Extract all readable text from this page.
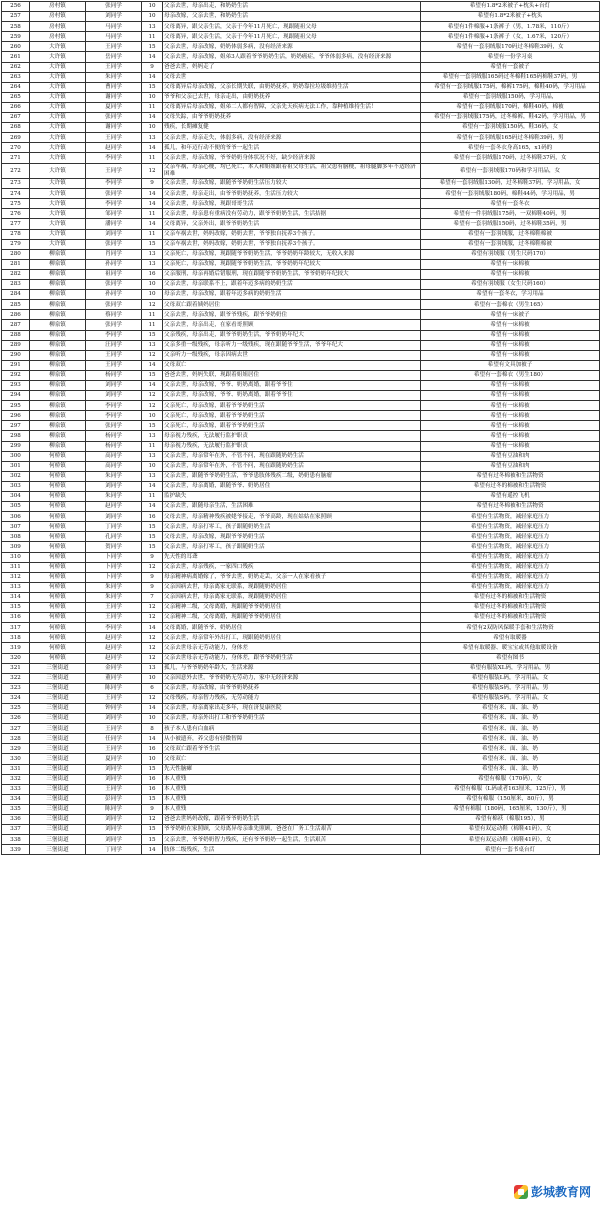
256	房村镇	张同学	10	父亲去世，母亲出走，和奶奶生活	希望有1.8*2米被子+枕头+台灯
257	房村镇	刘同学	10	母亲改嫁，父亲去世，和奶奶生活	希望有1.8*2米被子+枕头
258	房村镇	马同学	13	父母离异，跟父亲生活，父亲于今年11月死亡，现跟随祖父母	希望有1件棉服+1条裤子（男，1.78米，110斤）
259	房村镇	马同学	11	父母离异，跟父亲生活，父亲于今年11月死亡，现跟随祖父母	希望有1件棉服+1条裤子（女，1.67米，120斤）
260	大许镇	王同学	15	父亲去世，母亲改嫁，奶奶体弱多病，没有经济来源	希望有一套羽绒服170码过冬棉鞋39码，女
261	大许镇	岳同学	14	父亲去世，母亲改嫁，姐弟3人跟着爷爷奶奶生活，奶奶癌症，爷爷体弱多病，没有经济来源	希望有一份学习桌
262	大许镇	王同学	9	爸爸去世，妈妈走了	希望有一套被子
263	大许镇	朱同学	14	父母去世	希望有一套羽绒服165码过冬棉鞋165码棉鞋37码，男
264	大许镇	曹同学	15	父母离异后母亲改嫁，父亲长期失联，由奶奶抚养，奶奶靠拉垃圾维持生活	希望有一套羽绒服175码，棉裤175码，棉鞋40码，学习用品
265	大许镇	谢同学	10	爷爷和父亲已去世，母亲走出，由奶奶抚养	希望有一套羽绒服150码，学习用品，
266	大许镇	夏同学	11	父母离异后母亲改嫁，姐弟二人都有智障，父亲先天疾病无法工作，靠种植维持生活！	希望有一套羽绒服170码，棉鞋40码，棉被
267	大许镇	张同学	14	父母失踪，由爷爷奶奶抚养	希望有一套羽绒服175码，过冬棉裤，鞋42码，学习用品，男
268	大许镇	谢同学	10	残疾，长期瘫复健	希望有一套羽绒服150码，鞋36码，女
269	大许镇	王同学	13	父亲去世，母亲走失，体弱多病，没有经济来源	希望有一套羽绒服165码过冬棉鞋39码，男
270	大许镇	赵同学	14	孤儿，和年迈行动不便的爷爷一起生活	希望有一套冬衣身高165，x1码的
271	大许镇	李同学	11	父亲去世，母亲改嫁，爷爷奶奶身体状况不好，缺少经济来源	希望有一套羽绒服170码，过冬棉鞋37码，女
272	大许镇	王同学	12	父亲车祸，母亲心梗，均已死亡，本人和姐姐跟着祖父母生活，祖父患有脑梗，祖母腿脚多年不适经济困难	希望有一套羽绒服170码和学习用品，女
273	大许镇	李同学	9	父亲去世，母亲改嫁，跟随爷爷奶奶生活压力较大	希望有一套羽绒服130码，过冬棉鞋37码，学习用品，女
274	大许镇	张同学	14	父亲去世，母亲走出，由爷爷奶奶抚养，生活压力较大	希望有一套羽绒服180码，棉鞋44码，学习用品，男
275	大许镇	李同学	14	父亲去世，母亲改嫁，现跟哥哥生活	希望有一套冬衣
276	大许镇	邹同学	11	父亲去世，母亲患有重病没有劳动力，跟爷爷奶奶生活，生活拮据	希望有一件羽绒服175码，一双棉鞋40码，男
277	大许镇	潘同学	14	父母离异，父亲外出，跟爷爷奶奶生活	希望有一套羽绒服150码，过冬棉鞋35码，男
278	大许镇	刘同学	11	父亲车祸去世，妈妈改嫁，奶奶去世，爷爷独自抚养3个孩子。	希望有一套羽绒服，过冬棉鞋棉被
279	大许镇	张同学	15	父亲车祸去世，妈妈改嫁，奶奶去世，爷爷独自抚养3个孩子。	希望有一套羽绒服，过冬棉鞋棉被
280	柳泉镇	肖同学	13	父亲死亡，母亲改嫁，现跟随爷爷奶奶生活，爷爷奶奶年龄较大，无收入来源	希望有羽绒服（男生尺码170）
281	柳泉镇	孙同学	13	父亲死亡，母亲改嫁，现跟随爷爷奶奶生活，爷爷奶奶年纪较大	希望有一床棉被
282	柳泉镇	祖同学	16	父亲服刑，母亲再婚后错服刑，现在跟随爷爷奶奶生活，爷爷奶奶年纪较大	希望有一床棉被
283	柳泉镇	张同学	10	父亲去世，母亲联系不上，跟着年迈多病的奶奶生活	希望有羽绒服（女生尺码160）
284	柳泉镇	孙同学	10	母亲去世，母亲改嫁，跟着年迈多病的奶奶生活	希望有一套冬衣，学习用品
285	柳泉镇	张同学	12	父母双亡跟着姨妈居住	希望有一套棉衣（男生165）
286	柳泉镇	蔡同学	11	父亲去世，母亲改嫁，跟爷爷残疾，跟爷爷奶奶住	希望有一床被子
287	柳泉镇	张同学	11	父亲去世，母亲出走，在家看哥照顾	希望有一床棉被
288	柳泉镇	李同学	15	父亲残疾，母亲出走，跟爷爷奶奶生活，爷爷奶奶年纪大	希望有一床棉被
289	柳泉镇	汪同学	13	父亲多重一级残疾，母亲听力一级残疾，现在跟随爷爷生活，爷爷年纪大	希望有一床棉被
290	柳泉镇	王同学	12	父亲听力一级残疾，母亲因病去世	希望有一床棉被
291	柳泉镇	王同学	14	父母双亡	希望有文具加被子
292	柳泉镇	杨同学	15	爸爸去世，妈妈失联，现跟着姐姐居住	希望有一套棉衣（男生180）
293	柳泉镇	刘同学	14	父亲去世，母亲改嫁，爷爷、奶奶离婚，跟着爷爷住	希望有一床棉被
294	柳泉镇	刘同学	12	父亲去世，母亲改嫁，爷爷、奶奶离婚，跟着爷爷住	希望有一床棉被
295	柳泉镇	李同学	12	父亲死亡，母亲改嫁，跟着爷爷奶奶生活	希望有一床棉被
296	柳泉镇	李同学	10	父亲死亡，母亲改嫁，跟着爷爷奶奶生活	希望有一床棉被
297	柳泉镇	张同学	15	父亲死亡，母亲改嫁，跟着爷爷奶奶生活	希望有一床棉被
298	柳泉镇	杨同学	13	母亲视力残疾，无法履行监护职责	希望有一床棉被
299	柳泉镇	杨同学	11	母亲视力残疾，无法履行监护职责	希望有一床棉被
300	何桥镇	高同学	13	父亲去世，母亲常年在外，不管不问，现在跟随奶奶生活	希望有豆油和肉
301	何桥镇	高同学	10	父亲去世，母亲常年在外，不管不问，现在跟随奶奶生活	希望有豆油和肉
302	何桥镇	朱同学	13	父亲去世，跟随爷爷奶奶生活，爷爷患肢体残疾二级，奶奶患有脑瘤	希望有过冬棉被和生活物资
303	何桥镇	刘同学	14	父亲去世，母亲离婚，跟随爷爷、奶奶居住	希望有过冬的棉被和生活物资
304	何桥镇	朱同学	11	监护缺失	希望有遥控飞机
305	何桥镇	赵同学	14	父亲去世，跟随母亲生活，生活困难	希望有过冬棉被和生活物资
306	何桥镇	刘同学	16	父母去世，母亲精神残疾被姥爷接走，爷爷高龄，现在姑姑在家照顾	希望有生活物资，减轻家庭压力
307	何桥镇	丁同学	15	父亲去世，母亲打零工，孩子跟随奶奶生活	希望有生活物资，减轻家庭压力
308	何桥镇	孔同学	15	父母去世，母亲改嫁，现跟爷爷奶奶生活	希望有生活物资，减轻家庭压力
309	何桥镇	贺同学	15	父亲去世，母亲打零工，孩子跟随奶生活	希望有生活物资，减轻家庭压力
310	何桥镇	卜同学	9	先天性的耳聋	希望有生活物资，减轻家庭压力
311	何桥镇	卜同学	12	父亲去世，母亲残疾，一家四口残疾	希望有生活物资，减轻家庭压力
312	何桥镇	卜同学	9	母亲精神病离婚嫁了，爷爷去世，奶奶走丢，父亲一人在家看孩子	希望有生活物资，减轻家庭压力
313	何桥镇	朱同学	9	父亲因病去世，母亲离家无联系，现跟随奶奶居住	希望有生活物资，减轻家庭压力
314	何桥镇	朱同学	7	父亲因病去世，母亲离家无联系，现跟随奶奶居住	希望有过冬的棉被和生活物资
315	何桥镇	王同学	12	父亲精神二级，父母离婚，现跟随爷爷奶奶居住	希望有过冬的棉被和生活物资
316	何桥镇	王同学	12	父亲精神二级，父母离婚，现跟随爷爷奶奶居住	希望有过冬的棉被和生活物资
317	何桥镇	李同学	14	父母离婚，跟随爷爷、奶奶居住	希望有2双防风保暖手套和生活物资
318	何桥镇	赵同学	12	父亲去世，母亲常年外出打工，现跟随奶奶居住	希望有取暖器
319	何桥镇	赵同学	12	父亲去世母亲无劳动能力，身体差	希望有取暖器、暖宝宝或其他取暖设备
320	何桥镇	赵同学	12	父亲去世母亲无劳动能力，身体差，跟爷爷奶奶生活	希望有图书
321	三堡街道	金同学	13	孤儿，与爷爷奶奶年龄大，生活来源	希望有服装XL码，学习用品，男
322	三堡街道	董同学	10	父亲因意外去世，爷爷奶奶无劳动力，家中无经济来源	希望有服装L码，学习用品，女
323	三堡街道	陈同学	6	父亲去世，母亲改嫁，由爷爷奶奶抚养	希望有服装S码，学习用品，男
324	三堡街道	王同学	12	父母残疾，母亲智力残疾，无劳动能力	希望有服装S码，学习用品，女
325	三堡街道	钟同学	14	父亲去世，母亲离家出走多年，现在济复康医院	希望有米、面、油、奶
326	三堡街道	刘同学	10	父亲去世，母亲外出打工和爷爷奶奶生活	希望有米、面、油、奶
327	三堡街道	王同学	8	孩子本人患有白血病	希望有米、面、油、奶
328	三堡街道	任同学	14	从小被遗弃，养父患有轻微智障	希望有米、面、油、奶
329	三堡街道	王同学	16	父母双亡跟着爷爷生活	希望有米、面、油、奶
330	三堡街道	夏同学	10	父母双亡	希望有米、面、油、奶
331	三堡街道	刘同学	15	先天性脑瘫	希望有米、面、油、奶
332	三堡街道	刘同学	16	本人重残	希望有棉服（170码），女
333	三堡街道	王同学	16	本人重残	希望有棉服（L码或者163厘米，125斤），男
334	三堡街道	彭同学	15	本人重残	希望有棉服（150厘米，80斤），男
335	三堡街道	陈同学	9	本人重残	希望有棉服（180码，165厘米，130斤），男
336	三堡街道	刘同学	12	爸爸去世妈妈改嫁，跟着爷爷奶奶生活	希望有棉袄（棉服195），男
337	三堡街道	刘同学	15	爷爷奶奶在家照顾，父母离异母亲谁先照顾，爸爸在厂务工生活艰苦	希望有双运动鞋（棉鞋41码），女
338	三堡街道	刘同学	15	父亲去世，爷爷奶奶智力残疾，还有爷爷奶奶一起生活，生活艰苦	希望有双运动鞋（棉鞋41码），女
339	三堡街道	丁同学	14	肢体二级残疾，生活	希望有一套书桌台灯
彭城教育网
